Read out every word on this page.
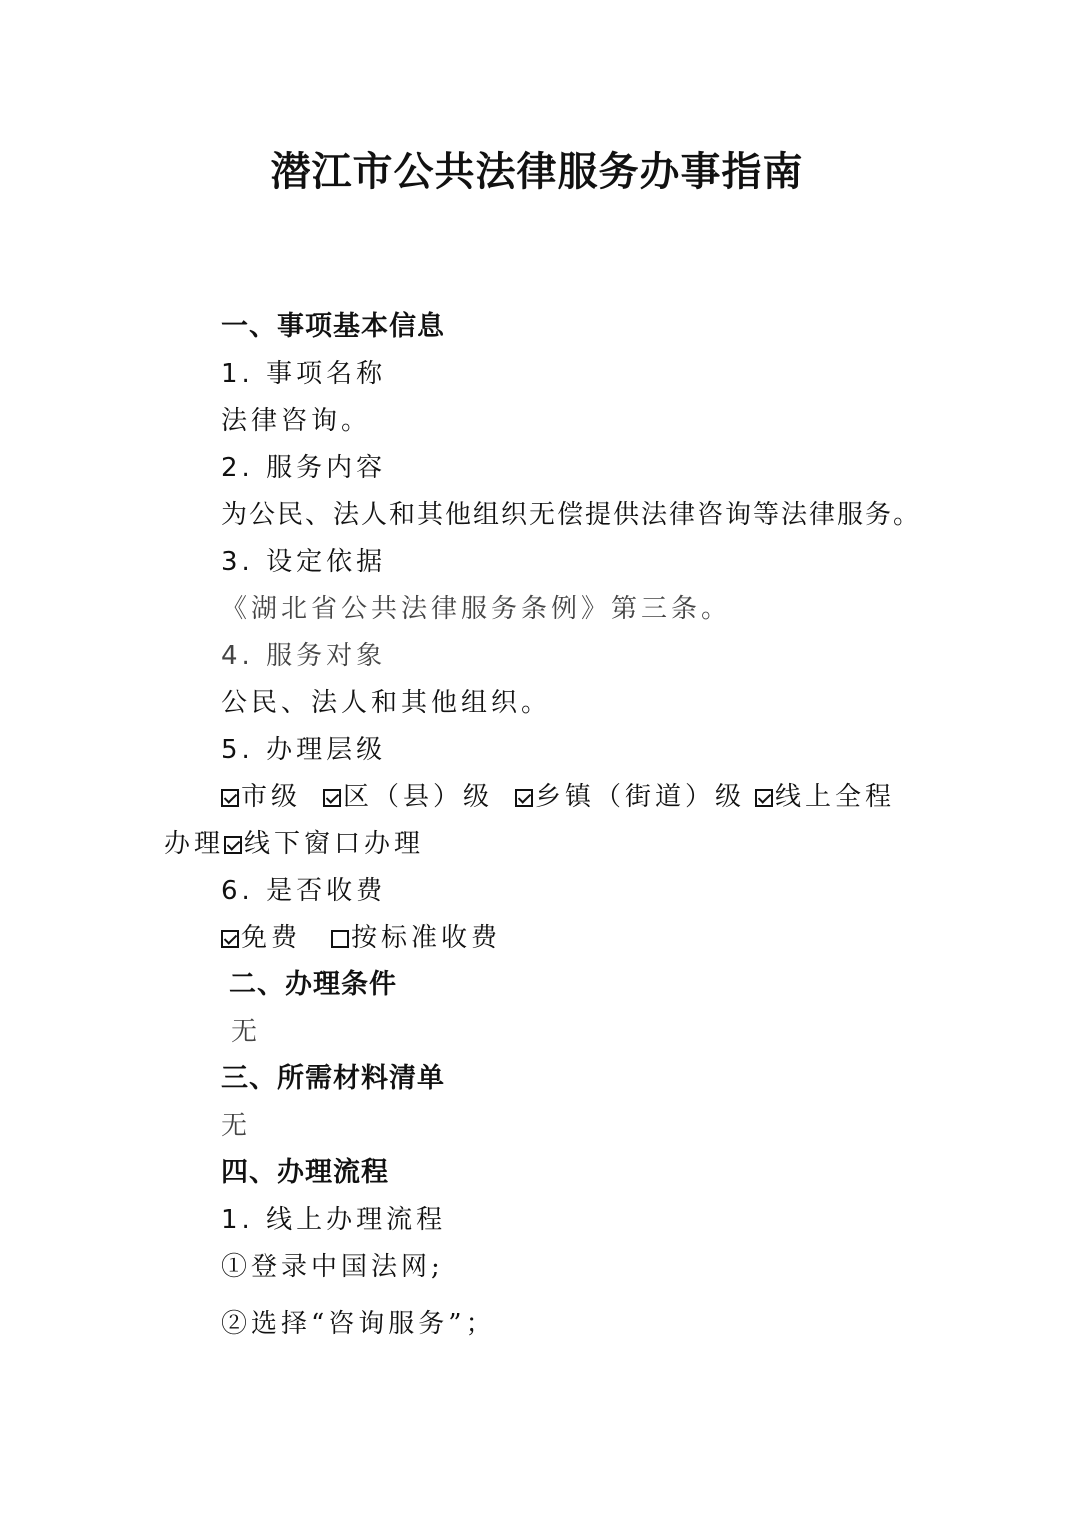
潜江市公共法律服务办事指南
一、事项基本信息
1. 事项名称
法律咨询。
2. 服务内容
为公民、法人和其他组织无偿提供法律咨询等法律服务。
3. 设定依据
《湖北省公共法律服务条例》第三条。
4. 服务对象
公民、法人和其他组织。
5. 办理层级
市级 区（县）级 乡镇（街道）级 线上全程
办理 线下窗口办理
6. 是否收费
免费 按标准收费
二、办理条件
无
三、所需材料清单
无
四、办理流程
1. 线上办理流程
①登录中国法网;
②选择“咨询服务”；
